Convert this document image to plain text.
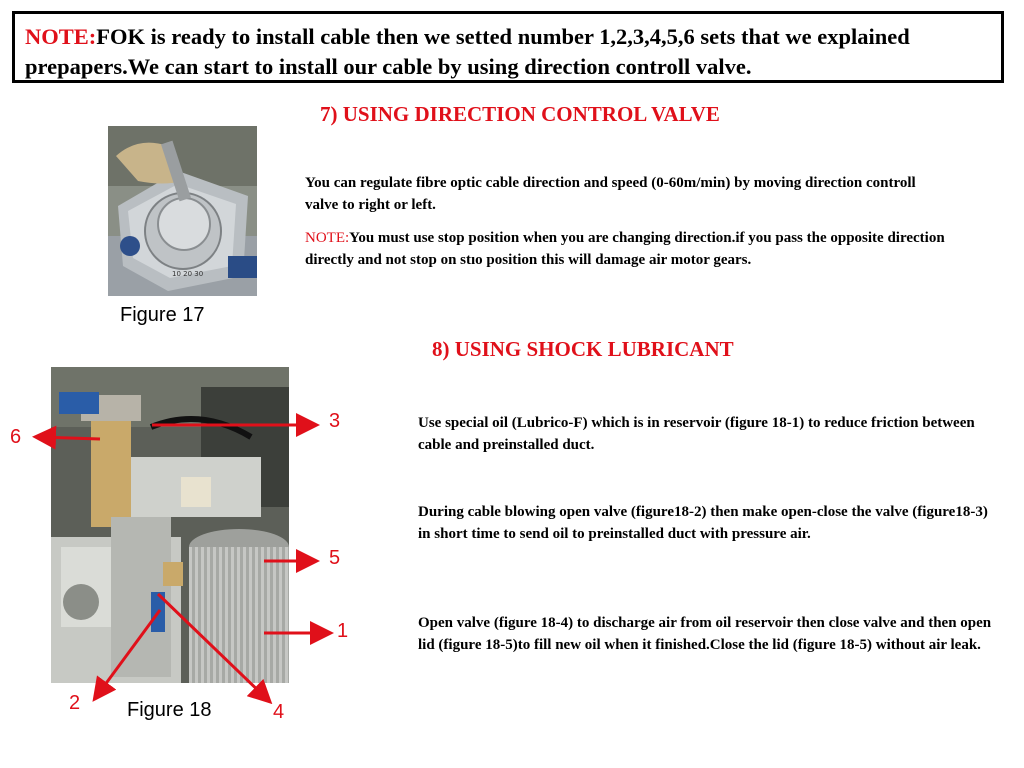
NOTE:FOK is ready to install cable then we setted number 1,2,3,4,5,6 sets that we explained prepapers.We can start to install our cable by using direction controll valve.
7) USING DIRECTION CONTROL VALVE
10 20 30
Figure 17
You can regulate fibre optic cable direction and speed (0-60m/min) by moving direction controll valve to right or left.
NOTE:You must use stop position when you are changing direction.if you pass the opposite direction directly and not stop on stıo position this will damage air motor gears.
8) USING SHOCK LUBRICANT
Figure 18
6
3
5
1
2	4
Use special oil (Lubrico-F) which is in reservoir (figure 18-1) to reduce friction between cable and preinstalled duct.
During cable blowing open valve (figure18-2) then make open-close the valve (figure18-3) in short time to send oil to preinstalled duct with pressure air.
Open valve (figure 18-4) to discharge air from oil reservoir then close valve and then open lid (figure 18-5)to fill new oil when it finished.Close the lid (figure 18-5) without air leak.
